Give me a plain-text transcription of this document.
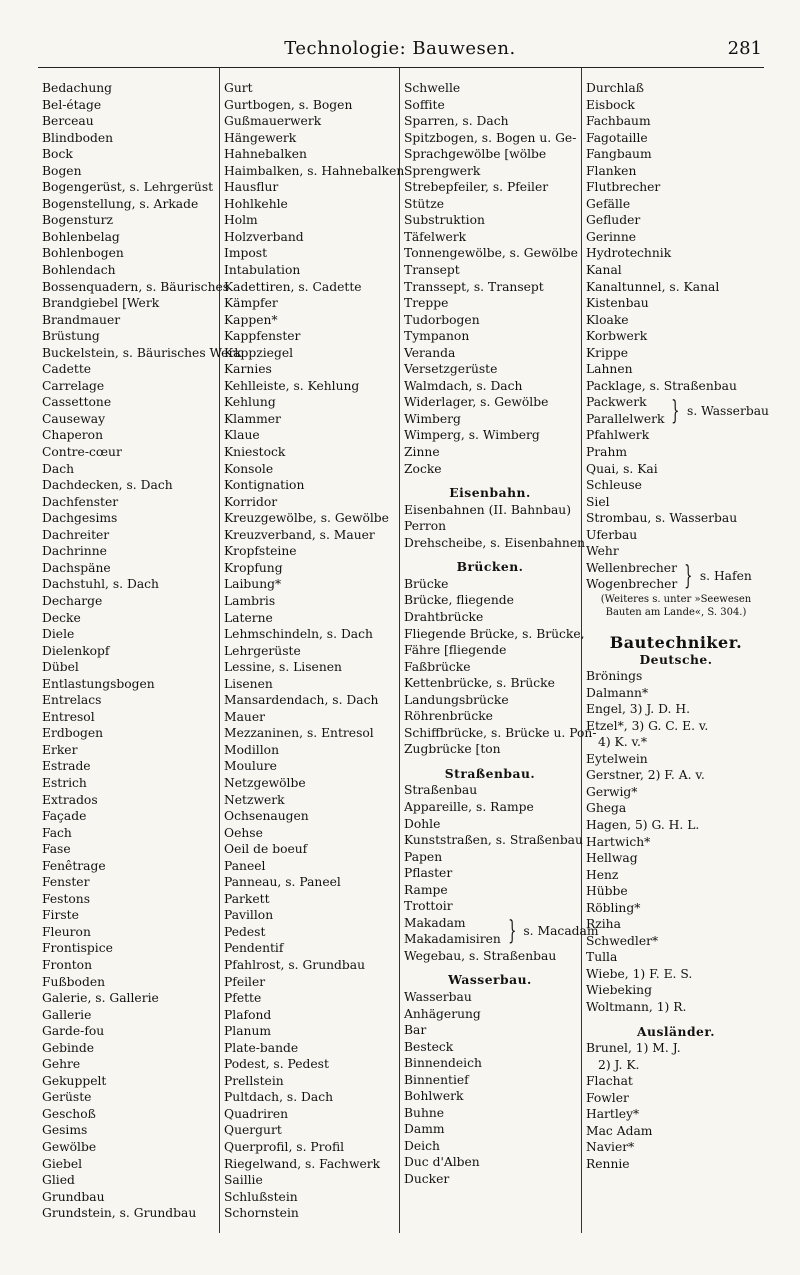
Technologie: Bauwesen.	281
Bedachung
Bel-étage
Berceau
Blindboden
Bock
Bogen
Bogengerüst, s. Lehrgerüst
Bogenstellung, s. Arkade
Bogensturz
Bohlenbelag
Bohlenbogen
Bohlendach
Bossenquadern, s. Bäurisches
Brandgiebel [Werk
Brandmauer
Brüstung
Buckelstein, s. Bäurisches Werk
Cadette
Carrelage
Cassettone
Causeway
Chaperon
Contre-cœur
Dach
Dachdecken, s. Dach
Dachfenster
Dachgesims
Dachreiter
Dachrinne
Dachspäne
Dachstuhl, s. Dach
Decharge
Decke
Diele
Dielenkopf
Dübel
Entlastungsbogen
Entrelacs
Entresol
Erdbogen
Erker
Estrade
Estrich
Extrados
Façade
Fach
Fase
Fenêtrage
Fenster
Festons
Firste
Fleuron
Frontispice
Fronton
Fußboden
Galerie, s. Gallerie
Gallerie
Garde-fou
Gebinde
Gehre
Gekuppelt
Gerüste
Geschoß
Gesims
Gewölbe
Giebel
Glied
Grundbau
Grundstein, s. Grundbau
Gurt
Gurtbogen, s. Bogen
Gußmauerwerk
Hängewerk
Hahnebalken
Haimbalken, s. Hahnebalken
Hausflur
Hohlkehle
Holm
Holzverband
Impost
Intabulation
Kadettiren, s. Cadette
Kämpfer
Kappen*
Kappfenster
Kappziegel
Karnies
Kehlleiste, s. Kehlung
Kehlung
Klammer
Klaue
Kniestock
Konsole
Kontignation
Korridor
Kreuzgewölbe, s. Gewölbe
Kreuzverband, s. Mauer
Kropfsteine
Kropfung
Laibung*
Lambris
Laterne
Lehmschindeln, s. Dach
Lehrgerüste
Lessine, s. Lisenen
Lisenen
Mansardendach, s. Dach
Mauer
Mezzaninen, s. Entresol
Modillon
Moulure
Netzgewölbe
Netzwerk
Ochsenaugen
Oehse
Oeil de boeuf
Paneel
Panneau, s. Paneel
Parkett
Pavillon
Pedest
Pendentif
Pfahlrost, s. Grundbau
Pfeiler
Pfette
Plafond
Planum
Plate-bande
Podest, s. Pedest
Prellstein
Pultdach, s. Dach
Quadriren
Quergurt
Querprofil, s. Profil
Riegelwand, s. Fachwerk
Saillie
Schlußstein
Schornstein
Schwelle
Soffite
Sparren, s. Dach
Spitzbogen, s. Bogen u. Ge-
Sprachgewölbe [wölbe
Sprengwerk
Strebepfeiler, s. Pfeiler
Stütze
Substruktion
Täfelwerk
Tonnengewölbe, s. Gewölbe
Transept
Transsept, s. Transept
Treppe
Tudorbogen
Tympanon
Veranda
Versetzgerüste
Walmdach, s. Dach
Widerlager, s. Gewölbe
Wimberg
Wimperg, s. Wimberg
Zinne
Zocke
Eisenbahn.
Eisenbahnen (II. Bahnbau)
Perron
Drehscheibe, s. Eisenbahnen
Brücken.
Brücke
Brücke, fliegende
Drahtbrücke
Fliegende Brücke, s. Brücke,
Fähre [fliegende
Faßbrücke
Kettenbrücke, s. Brücke
Landungsbrücke
Röhrenbrücke
Schiffbrücke, s. Brücke u. Pon-
Zugbrücke [ton
Straßenbau.
Straßenbau
Appareille, s. Rampe
Dohle
Kunststraßen, s. Straßenbau
Papen
Pflaster
Rampe
Trottoir
Makadam
Makadamisiren } s. Macadam
Wegebau, s. Straßenbau
Wasserbau.
Wasserbau
Anhägerung
Bar
Besteck
Binnendeich
Binnentief
Bohlwerk
Buhne
Damm
Deich
Duc d'Alben
Ducker
Durchlaß
Eisbock
Fachbaum
Fagotaille
Fangbaum
Flanken
Flutbrecher
Gefälle
Gefluder
Gerinne
Hydrotechnik
Kanal
Kanaltunnel, s. Kanal
Kistenbau
Kloake
Korbwerk
Krippe
Lahnen
Packlage, s. Straßenbau
Packwerk
Parallelwerk } s. Wasserbau
Pfahlwerk
Prahm
Quai, s. Kai
Schleuse
Siel
Strombau, s. Wasserbau
Uferbau
Wehr
Wellenbrecher
Wogenbrecher } s. Hafen
(Weiteres s. unter »Seewesen Bauten am Lande«, S. 304.)
Bautechniker.
Deutsche.
Brönings
Dalmann*
Engel, 3) J. D. H.
Etzel*, 3) G. C. E. v.
4) K. v.*
Eytelwein
Gerstner, 2) F. A. v.
Gerwig*
Ghega
Hagen, 5) G. H. L.
Hartwich*
Hellwag
Henz
Hübbe
Röbling*
Rziha
Schwedler*
Tulla
Wiebe, 1) F. E. S.
Wiebeking
Woltmann, 1) R.
Ausländer.
Brunel, 1) M. J.
2) J. K.
Flachat
Fowler
Hartley*
Mac Adam
Navier*
Rennie
